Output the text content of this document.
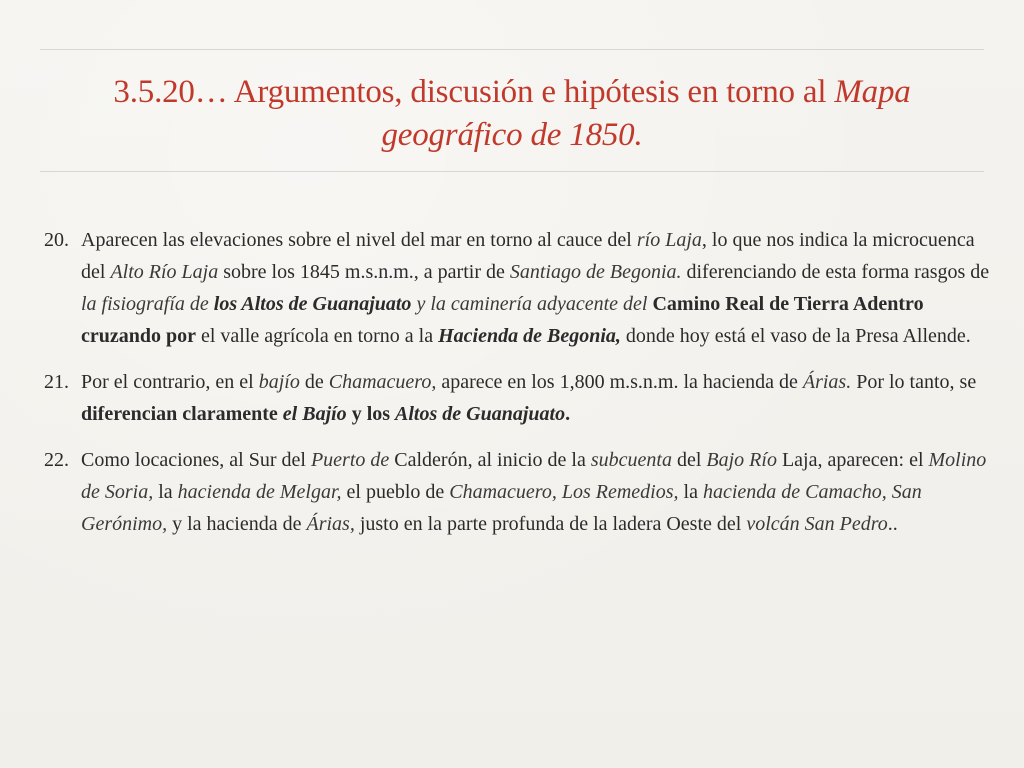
3.5.20… Argumentos, discusión e hipótesis en torno al Mapa geográfico de 1850.
20. Aparecen las elevaciones sobre el nivel del mar en torno al cauce del río Laja, lo que nos indica la microcuenca del Alto Río Laja sobre los 1845 m.s.n.m., a partir de Santiago de Begonia. diferenciando de esta forma rasgos de la fisiografía de los Altos de Guanajuato y la caminería adyacente del Camino Real de Tierra Adentro cruzando por el valle agrícola en torno a la Hacienda de Begonia, donde hoy está el vaso de la Presa Allende.
21. Por el contrario, en el bajío de Chamacuero, aparece en los 1,800 m.s.n.m. la hacienda de Árias. Por lo tanto, se diferencian claramente el Bajío y los Altos de Guanajuato.
22. Como locaciones, al Sur del Puerto de Calderón, al inicio de la subcuenta del Bajo Río Laja, aparecen: el Molino de Soria, la hacienda de Melgar, el pueblo de Chamacuero, Los Remedios, la hacienda de Camacho, San Gerónimo, y la hacienda de Árias, justo en la parte profunda de la ladera Oeste del volcán San Pedro..
